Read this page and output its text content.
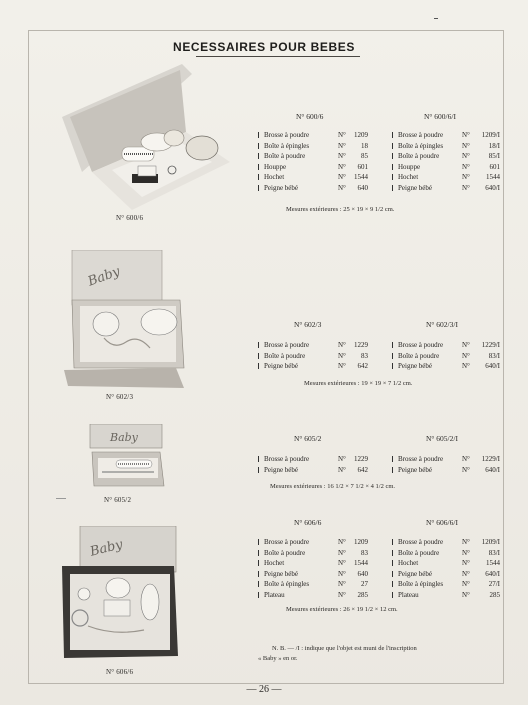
NECESSAIRES POUR BEBES
N° 600/6
Baby
N° 602/3
Baby
N° 605/2
Baby
N° 606/6
N° 600/6	N° 600/6/I
Brosse à poudre	N°	1209
Boîte à épingles	N°	18
Boîte à poudre	N°	85
Houppe	N°	601
Hochet	N°	1544
Peigne bébé	N°	640
Brosse à poudre	N°	1209/I
Boîte à épingles	N°	18/I
Boîte à poudre	N°	85/I
Houppe	N°	601
Hochet	N°	1544
Peigne bébé	N°	640/I
Mesures extérieures : 25 × 19 × 9 1/2 cm.
N° 602/3	N° 602/3/I
Brosse à poudre	N°	1229
Boîte à poudre	N°	83
Peigne bébé	N°	642
Brosse à poudre	N°	1229/I
Boîte à poudre	N°	83/I
Peigne bébé	N°	640/I
Mesures extérieures : 19 × 19 × 7 1/2 cm.
N° 605/2	N° 605/2/I
Brosse à poudre	N°	1229
Peigne bébé	N°	642
Brosse à poudre	N°	1229/I
Peigne bébé	N°	640/I
Mesures extérieures : 16 1/2 × 7 1/2 × 4 1/2 cm.
N° 606/6	N° 606/6/I
Brosse à poudre	N°	1209
Boîte à poudre	N°	83
Hochet	N°	1544
Peigne bébé	N°	640
Boîte à épingles	N°	27
Plateau	N°	285
Brosse à poudre	N°	1209/I
Boîte à poudre	N°	83/I
Hochet	N°	1544
Peigne bébé	N°	640/I
Boîte à épingles	N°	27/I
Plateau	N°	285
Mesures extérieures : 26 × 19 1/2 × 12 cm.
N. B. — /I : indique que l'objet est muni de l'inscription
« Baby » en or.
— 26 —
